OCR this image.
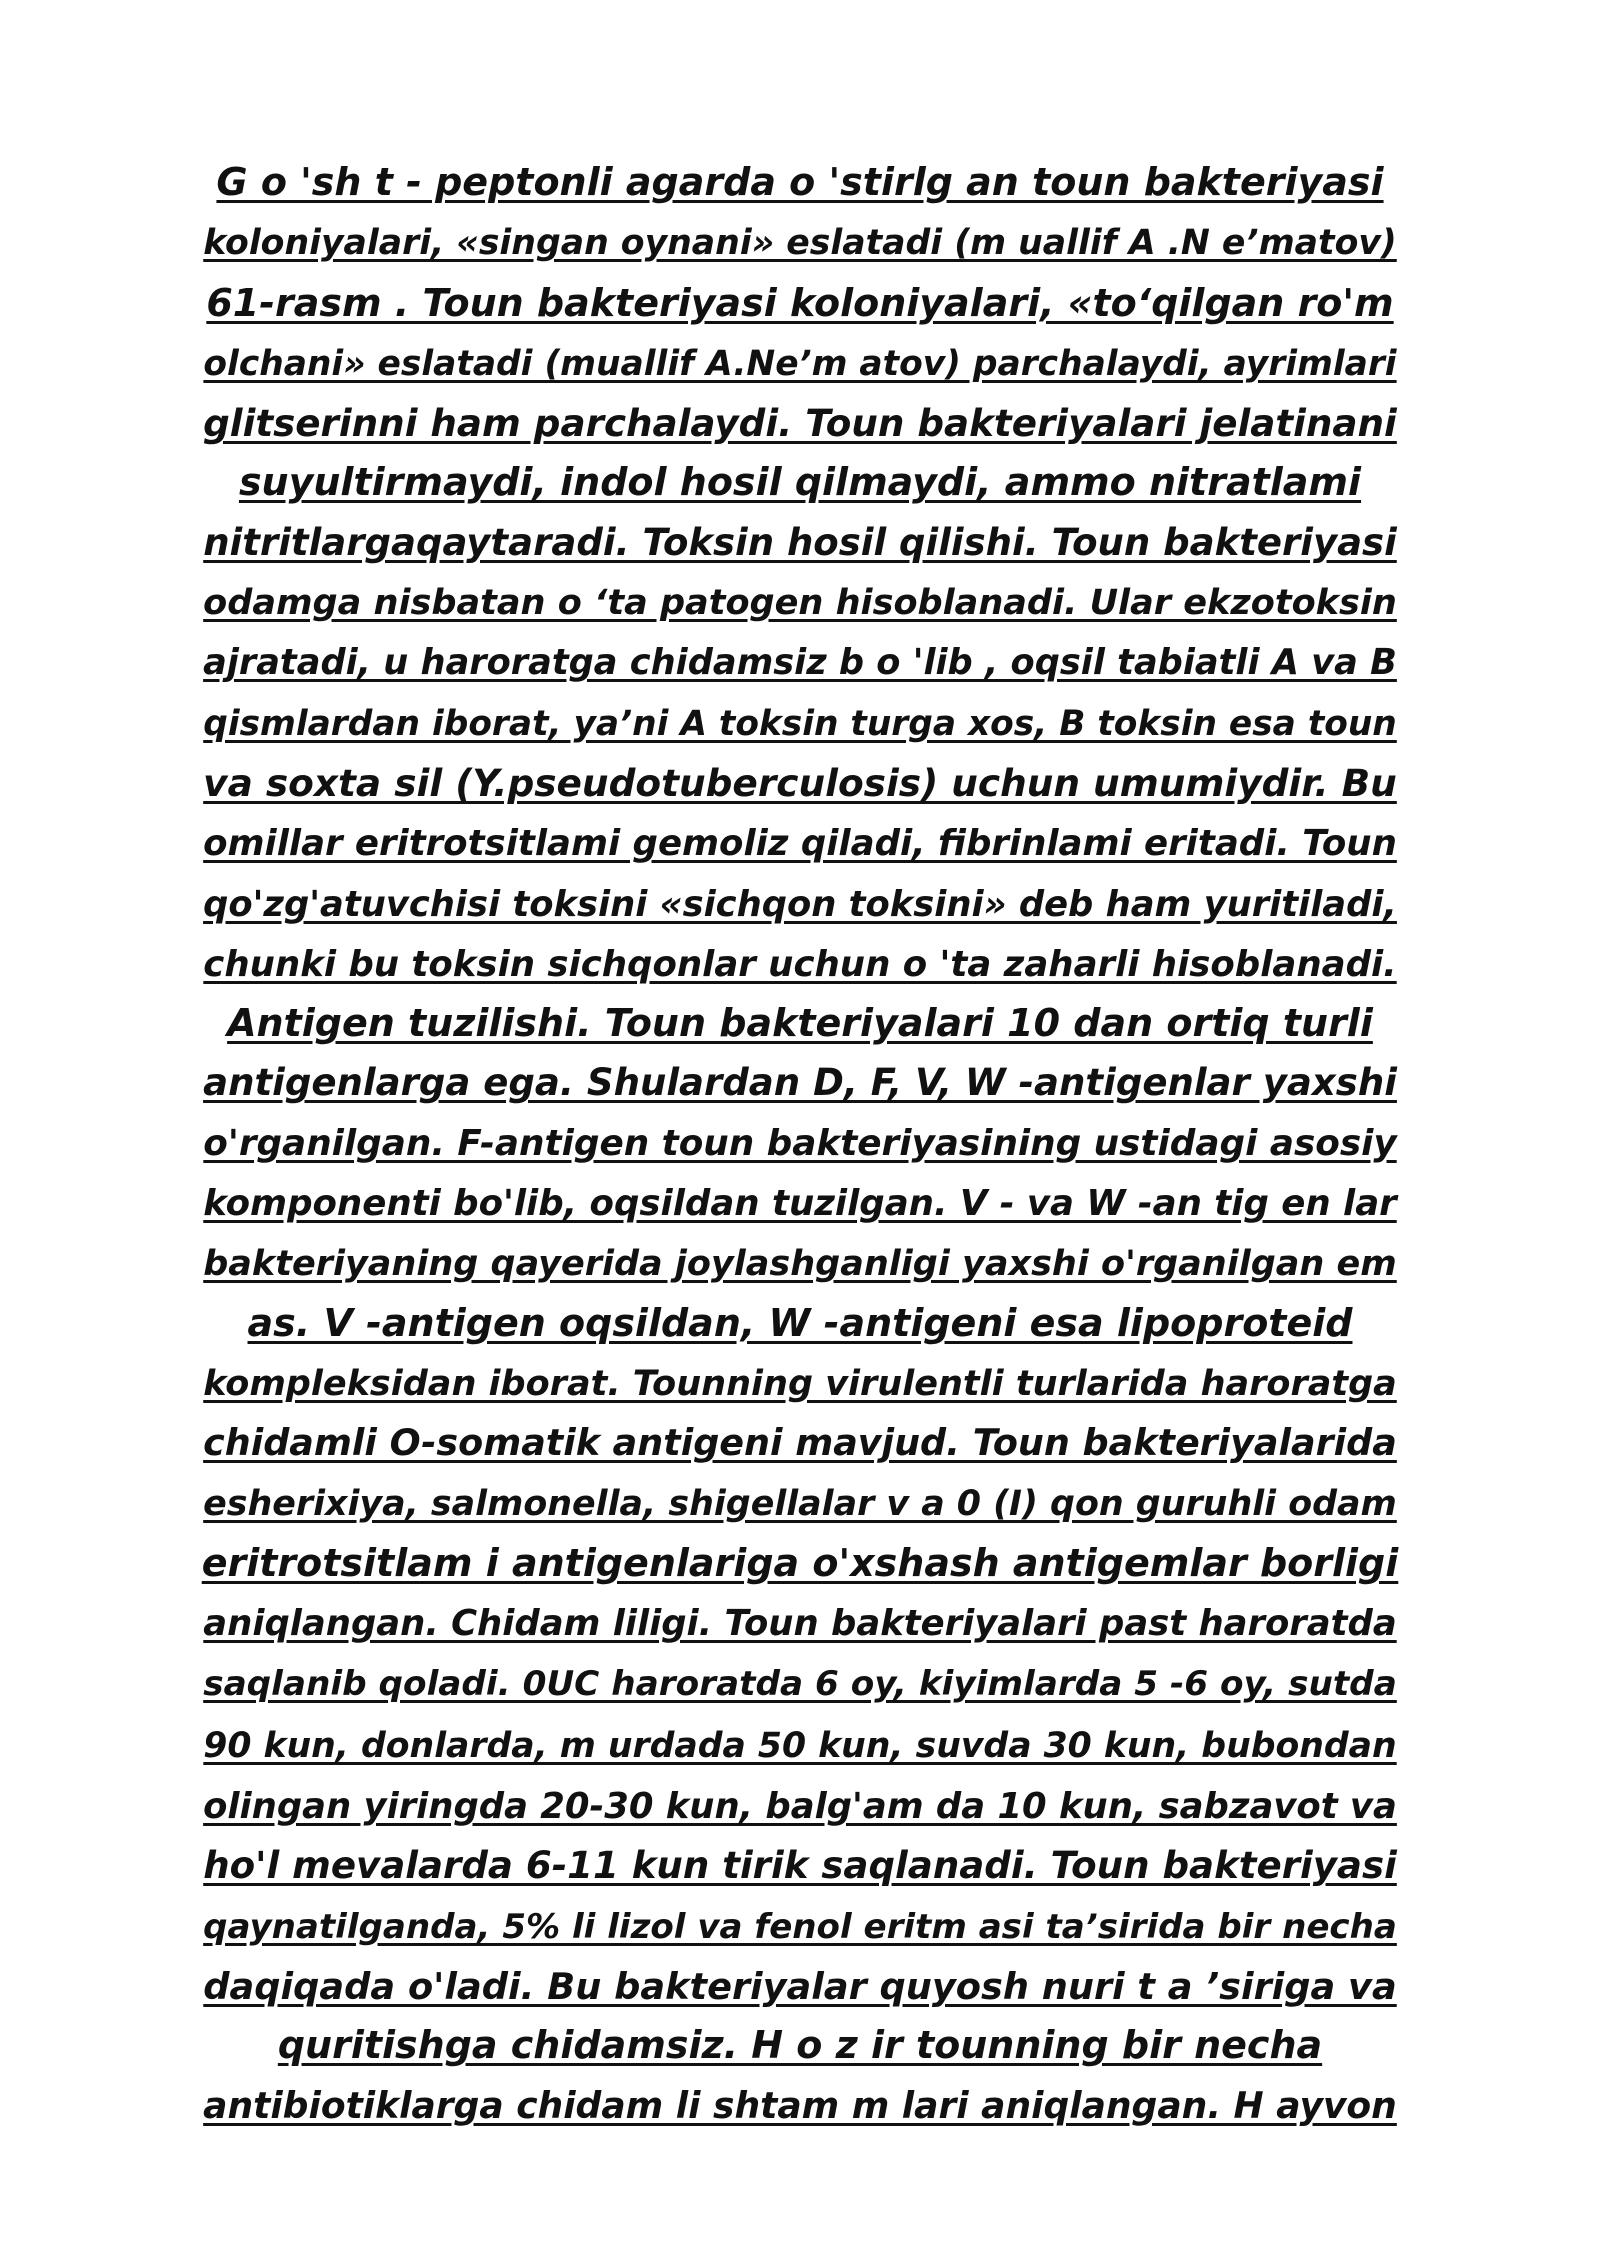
G o 'sh t - peptonli agarda o 'stirlg an toun bakteriyasi
koloniyalari, «singan oynani» eslatadi (m uallif A .N e’matov)
61-rasm . Toun bakteriyasi koloniyalari, «to‘qilgan ro'm
olchani» eslatadi (muallif A.Ne’m atov) parchalaydi, ayrimlari
glitserinni ham parchalaydi. Toun bakteriyalari jelatinani
suyultirmaydi, indol hosil qilmaydi, ammo nitratlami
nitritlargaqaytaradi. Toksin hosil qilishi. Toun bakteriyasi
odamga nisbatan o ‘ta patogen hisoblanadi. Ular ekzotoksin
ajratadi, u haroratga chidamsiz b o 'lib , oqsil tabiatli A va B
qismlardan iborat, ya’ni A toksin turga xos, B toksin esa toun
va soxta sil (Y.pseudotuberculosis) uchun umumiydir. Bu
omillar eritrotsitlami gemoliz qiladi, fibrinlami eritadi. Toun
qo'zg'atuvchisi toksini «sichqon toksini» deb ham yuritiladi,
chunki bu toksin sichqonlar uchun o 'ta zaharli hisoblanadi.
Antigen tuzilishi. Toun bakteriyalari 10 dan ortiq turli
antigenlarga ega. Shulardan D, F, V, W -antigenlar yaxshi
o'rganilgan. F-antigen toun bakteriyasining ustidagi asosiy
komponenti bo'lib, oqsildan tuzilgan. V - va W -an tig en lar
bakteriyaning qayerida joylashganligi yaxshi o'rganilgan em
as. V -antigen oqsildan, W -antigeni esa lipoproteid
kompleksidan iborat. Tounning virulentli turlarida haroratga
chidamli O-somatik antigeni mavjud. Toun bakteriyalarida
esherixiya, salmonella, shigellalar v a 0 (I) qon guruhli odam
eritrotsitlam i antigenlariga o'xshash antigemlar borligi
aniqlangan. Chidam liligi. Toun bakteriyalari past haroratda
saqlanib qoladi. 0UC haroratda 6 oy, kiyimlarda 5 -6 oy, sutda
90 kun, donlarda, m urdada 50 kun, suvda 30 kun, bubondan
olingan yiringda 20-30 kun, balg'am da 10 kun, sabzavot va
ho'l mevalarda 6-11 kun tirik saqlanadi. Toun bakteriyasi
qaynatilganda, 5% li lizol va fenol eritm asi ta’sirida bir necha
daqiqada o'ladi. Bu bakteriyalar quyosh nuri t a ’siriga va
quritishga chidamsiz. H o z ir tounning bir necha
antibiotiklarga chidam li shtam m lari aniqlangan. H ayvon
